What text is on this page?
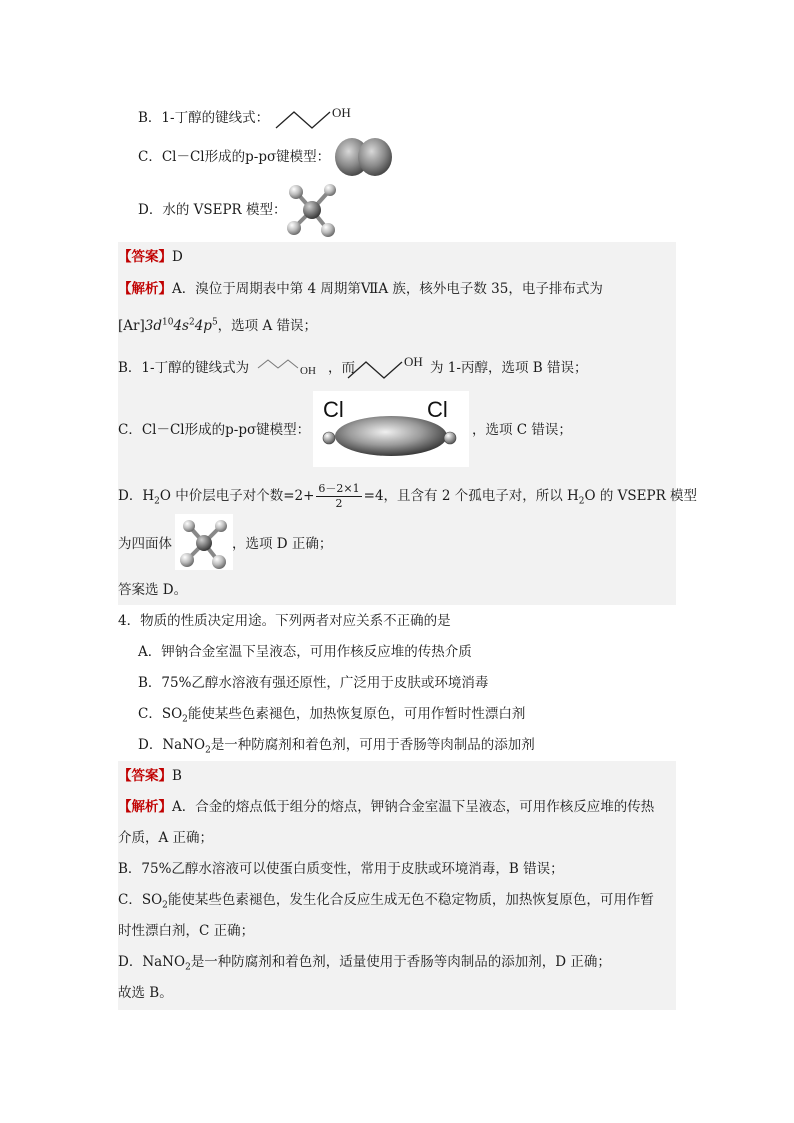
B．1-丁醇的键线式：	OH
C．Cl－Cl形成的p-pσ键模型：
D．水的 VSEPR 模型：
【答案】D
【解析】A．溴位于周期表中第 4 周期第ⅦA 族，核外电子数 35，电子排布式为
$[Ar]3d^{10}4s^24p^5$，选项 A 错误；
B．1-丁醇的键线式为	OH ，而	OH 为 1-丙醇，选项 B 错误；
C．Cl－Cl形成的p-pσ键模型：
Cl	Cl
，选项 C 错误；
D．$H_2O$ 中价层电子对个数$=2+ \frac{6-2\times 1}{2} =4$，且含有 2 个孤电子对，所以 $H_2O$ 的 VSEPR 模型
为四面体	，选项 D 正确；
答案选 D。
4．物质的性质决定用途。下列两者对应关系不正确的是
A．钾钠合金室温下呈液态，可用作核反应堆的传热介质
B．75%乙醇水溶液有强还原性，广泛用于皮肤或环境消毒
C．$SO_2$能使某些色素褪色，加热恢复原色，可用作暂时性漂白剂
D．NaNO$_2$是一种防腐剂和着色剂，可用于香肠等肉制品的添加剂
【答案】B
【解析】A．合金的熔点低于组分的熔点，钾钠合金室温下呈液态，可用作核反应堆的传热
介质，A 正确；
B．75%乙醇水溶液可以使蛋白质变性，常用于皮肤或环境消毒，B 错误；
C．$SO_2$能使某些色素褪色，发生化合反应生成无色不稳定物质，加热恢复原色，可用作暂
时性漂白剂，C 正确；
D．NaNO$_2$是一种防腐剂和着色剂，适量使用于香肠等肉制品的添加剂，D 正确；
故选 B。
